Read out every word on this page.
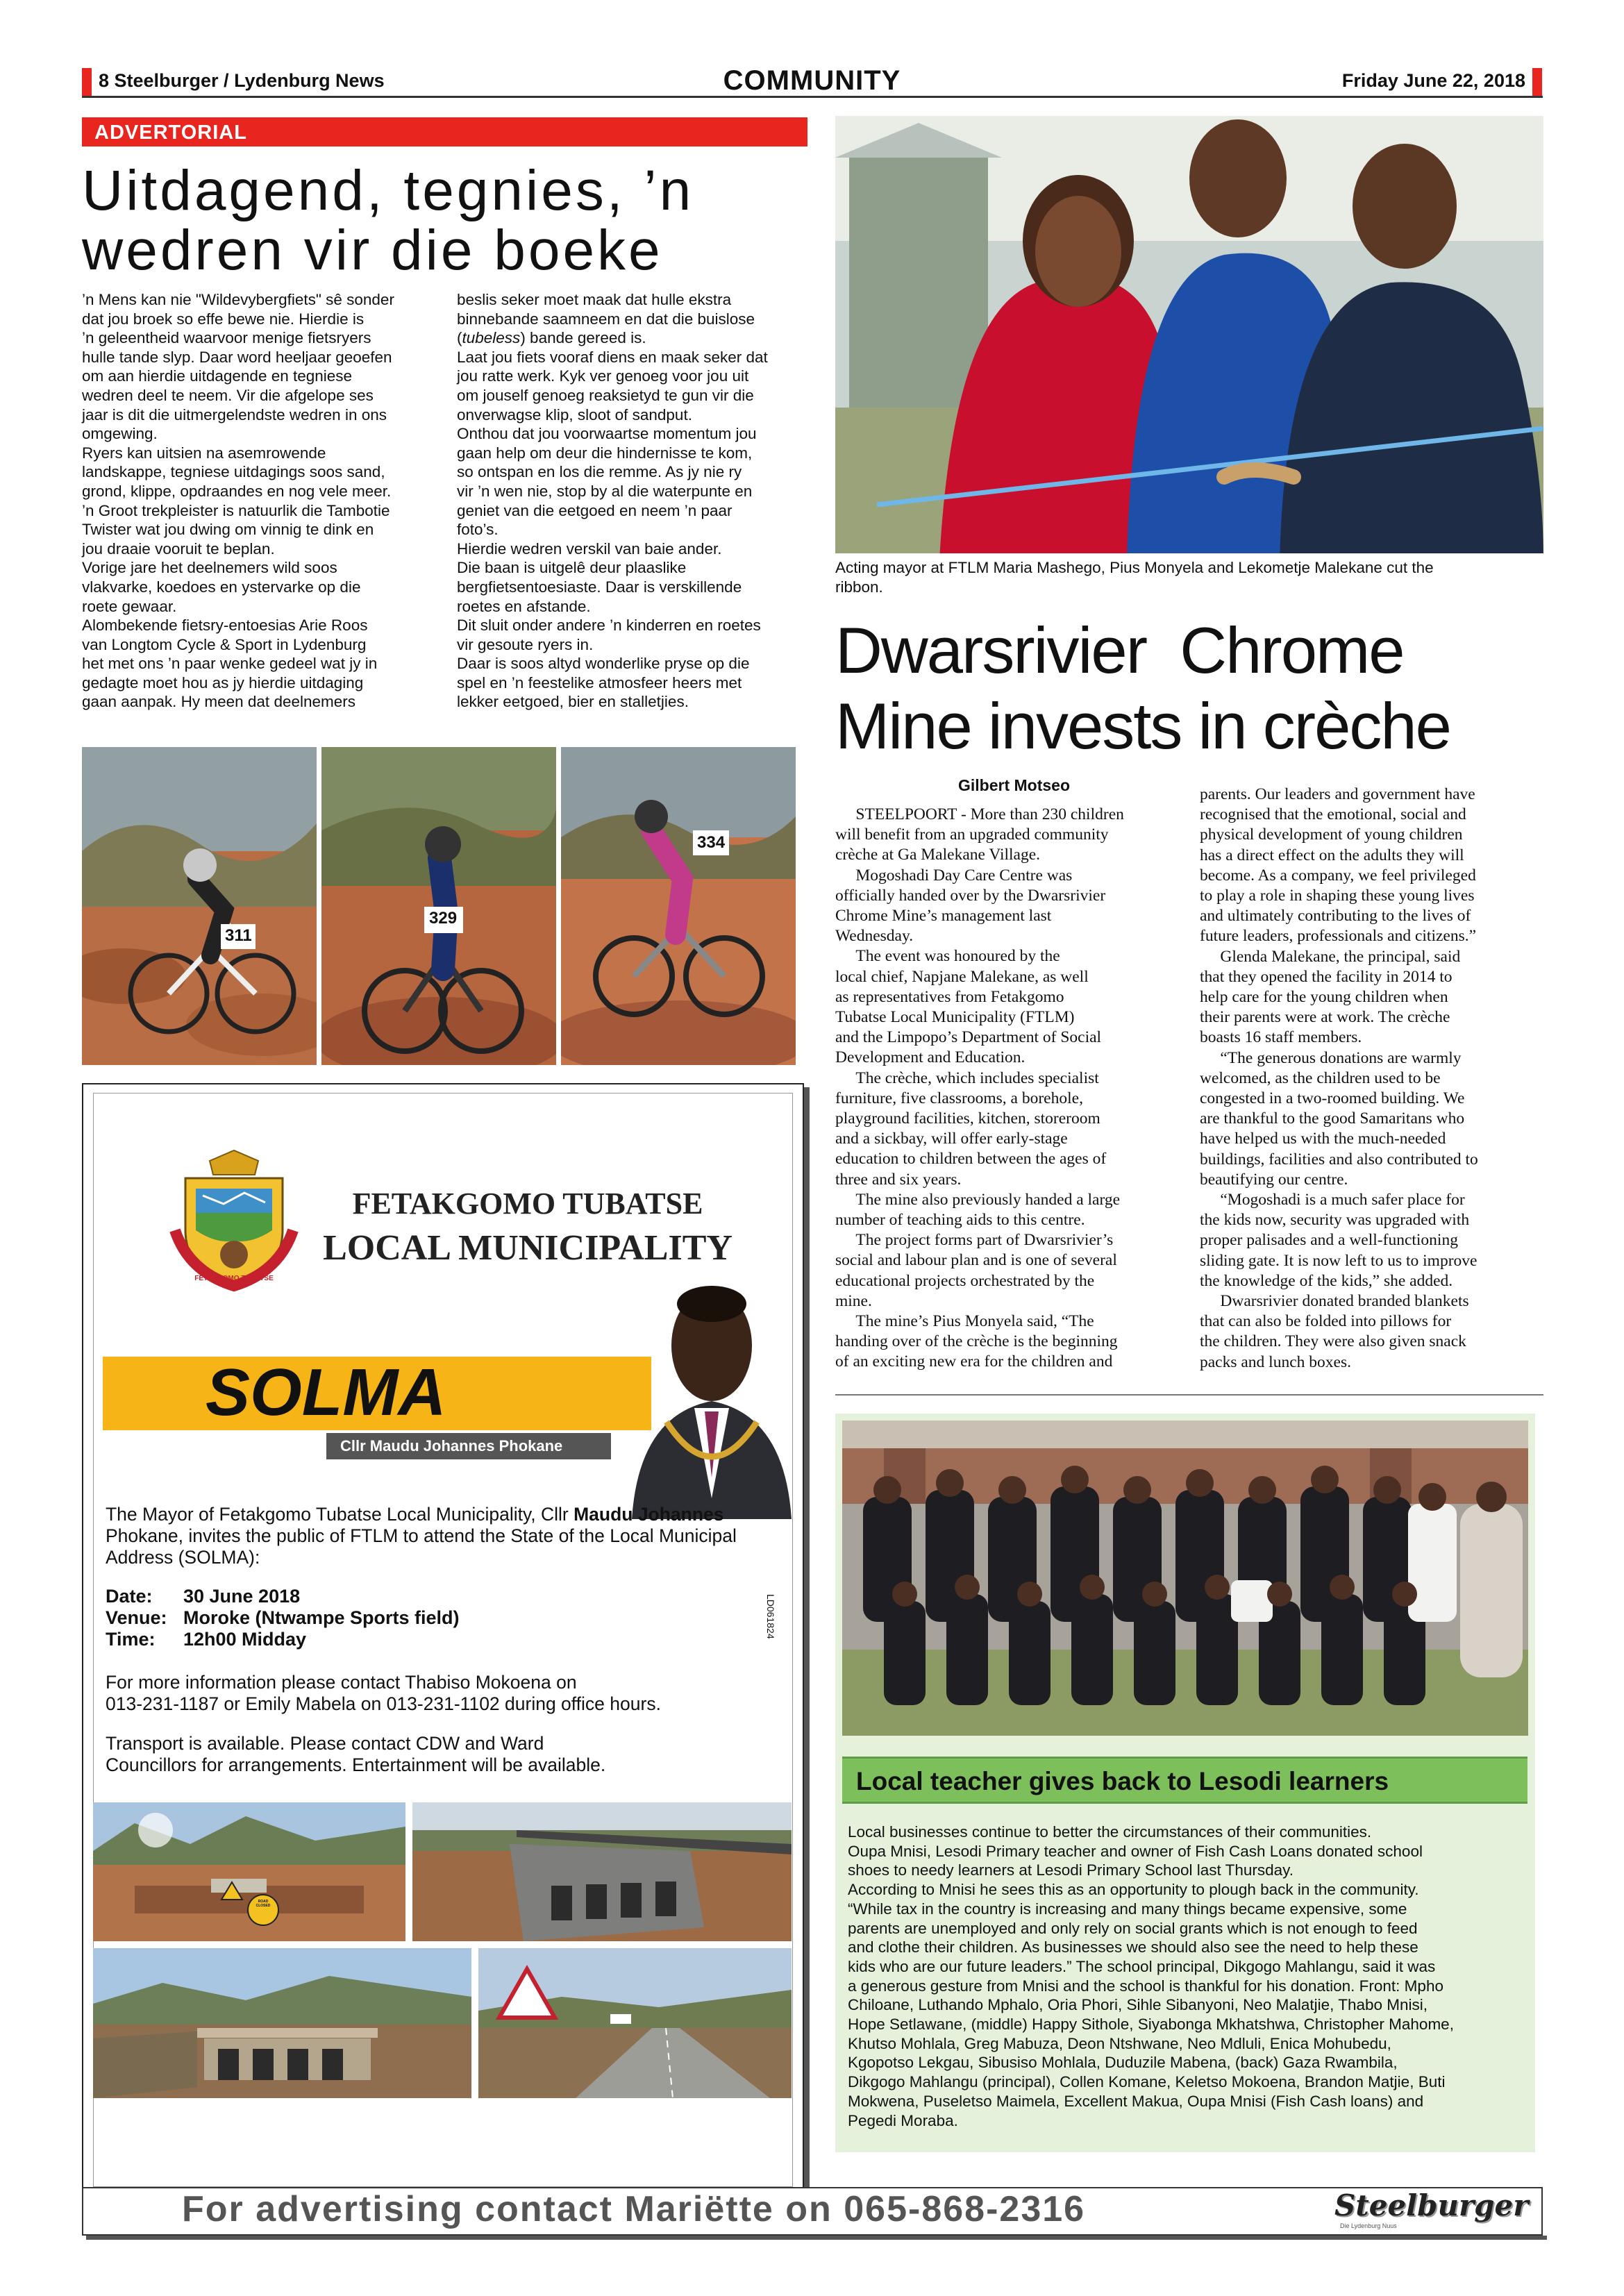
8 Steelburger / Lydenburg News	COMMUNITY	Friday June 22, 2018
ADVERTORIAL
Uitdagend, tegnies, ’n
wedren vir die boeke
’n Mens kan nie "Wildevybergfiets" sê sonder
dat jou broek so effe bewe nie. Hierdie is
’n geleentheid waarvoor menige fietsryers
hulle tande slyp. Daar word heeljaar geoefen
om aan hierdie uitdagende en tegniese
wedren deel te neem. Vir die afgelope ses
jaar is dit die uitmergelendste wedren in ons
omgewing.
Ryers kan uitsien na asemrowende
landskappe, tegniese uitdagings soos sand,
grond, klippe, opdraandes en nog vele meer.
’n Groot trekpleister is natuurlik die Tambotie
Twister wat jou dwing om vinnig te dink en
jou draaie vooruit te beplan.
Vorige jare het deelnemers wild soos
vlakvarke, koedoes en ystervarke op die
roete gewaar.
Alombekende fietsry-entoesias Arie Roos
van Longtom Cycle & Sport in Lydenburg
het met ons ’n paar wenke gedeel wat jy in
gedagte moet hou as jy hierdie uitdaging
gaan aanpak. Hy meen dat deelnemers
beslis seker moet maak dat hulle ekstra
binnebande saamneem en dat die buislose
(tubeless) bande gereed is.
Laat jou fiets vooraf diens en maak seker dat
jou ratte werk. Kyk ver genoeg voor jou uit
om jouself genoeg reaksietyd te gun vir die
onverwagse klip, sloot of sandput.
Onthou dat jou voorwaartse momentum jou
gaan help om deur die hindernisse te kom,
so ontspan en los die remme. As jy nie ry
vir ’n wen nie, stop by al die waterpunte en
geniet van die eetgoed en neem ’n paar
foto’s.
Hierdie wedren verskil van baie ander.
Die baan is uitgelê deur plaaslike
bergfietsentoesiaste. Daar is verskillende
roetes en afstande.
Dit sluit onder andere ’n kinderren en roetes
vir gesoute ryers in.
Daar is soos altyd wonderlike pryse op die
spel en ’n feestelike atmosfeer heers met
lekker eetgoed, bier en stalletjies.
311
329
334
Acting mayor at FTLM Maria Mashego, Pius Monyela and Lekometje Malekane cut the
ribbon.
Dwarsrivier  Chrome
Mine invests in crèche
Gilbert Motseo
STEELPOORT - More than 230 children
will benefit from an upgraded community
crèche at Ga Malekane Village.
Mogoshadi Day Care Centre was
officially handed over by the Dwarsrivier
Chrome Mine’s management last
Wednesday.
The event was honoured by the
local chief, Napjane Malekane, as well
as representatives from Fetakgomo
Tubatse Local Municipality (FTLM)
and the Limpopo’s Department of Social
Development and Education.
The crèche, which includes specialist
furniture, five classrooms, a borehole,
playground facilities, kitchen, storeroom
and a sickbay, will offer early-stage
education to children between the ages of
three and six years.
The mine also previously handed a large
number of teaching aids to this centre.
The project forms part of Dwarsrivier’s
social and labour plan and is one of several
educational projects orchestrated by the
mine.
The mine’s Pius Monyela said, “The
handing over of the crèche is the beginning
of an exciting new era for the children and
parents. Our leaders and government have
recognised that the emotional, social and
physical development of young children
has a direct effect on the adults they will
become. As a company, we feel privileged
to play a role in shaping these young lives
and ultimately contributing to the lives of
future leaders, professionals and citizens.”
Glenda Malekane, the principal, said
that they opened the facility in 2014 to
help care for the young children when
their parents were at work. The crèche
boasts 16 staff members.
“The generous donations are warmly
welcomed, as the children used to be
congested in a two-roomed building. We
are thankful to the good Samaritans who
have helped us with the much-needed
buildings, facilities and also contributed to
beautifying our centre.
“Mogoshadi is a much safer place for
the kids now, security was upgraded with
proper palisades and a well-functioning
sliding gate. It is now left to us to improve
the knowledge of the kids,” she added.
Dwarsrivier donated branded blankets
that can also be folded into pillows for
the children. They were also given snack
packs and lunch boxes.
FETAKGOMO TUBATSE
FETAKGOMO TUBATSE
LOCAL MUNICIPALITY
SOLMA
Cllr Maudu Johannes Phokane
The Mayor of Fetakgomo Tubatse Local Municipality, Cllr Maudu Johannes
Phokane, invites the public of FTLM to attend the State of the Local Municipal
Address (SOLMA):
Date: 30 June 2018
Venue: Moroke (Ntwampe Sports field)
Time: 12h00 Midday
LD061824
For more information please contact Thabiso Mokoena on
013-231-1187 or Emily Mabela on 013-231-1102 during office hours.
Transport is available. Please contact CDW and Ward
Councillors for arrangements. Entertainment will be available.
ROAD
CLOSED
Local teacher gives back to Lesodi learners
Local businesses continue to better the circumstances of their communities.
Oupa Mnisi, Lesodi Primary teacher and owner of Fish Cash Loans donated school
shoes to needy learners at Lesodi Primary School last Thursday.
According to Mnisi he sees this as an opportunity to plough back in the community.
“While tax in the country is increasing and many things became expensive, some
parents are unemployed and only rely on social grants which is not enough to feed
and clothe their children. As businesses we should also see the need to help these
kids who are our future leaders.” The school principal, Dikgogo Mahlangu, said it was
a generous gesture from Mnisi and the school is thankful for his donation. Front: Mpho
Chiloane, Luthando Mphalo, Oria Phori, Sihle Sibanyoni, Neo Malatjie, Thabo Mnisi,
Hope Setlawane, (middle) Happy Sithole, Siyabonga Mkhatshwa, Christopher Mahome,
Khutso Mohlala, Greg Mabuza, Deon Ntshwane, Neo Mdluli, Enica Mohubedu,
Kgopotso Lekgau, Sibusiso Mohlala, Duduzile Mabena, (back) Gaza Rwambila,
Dikgogo Mahlangu (principal), Collen Komane, Keletso Mokoena, Brandon Matjie, Buti
Mokwena, Puseletso Maimela, Excellent Makua, Oupa Mnisi (Fish Cash loans) and
Pegedi Moraba.
For advertising contact Mariëtte on 065-868-2316	Steelburger
Die Lydenburg Nuus
